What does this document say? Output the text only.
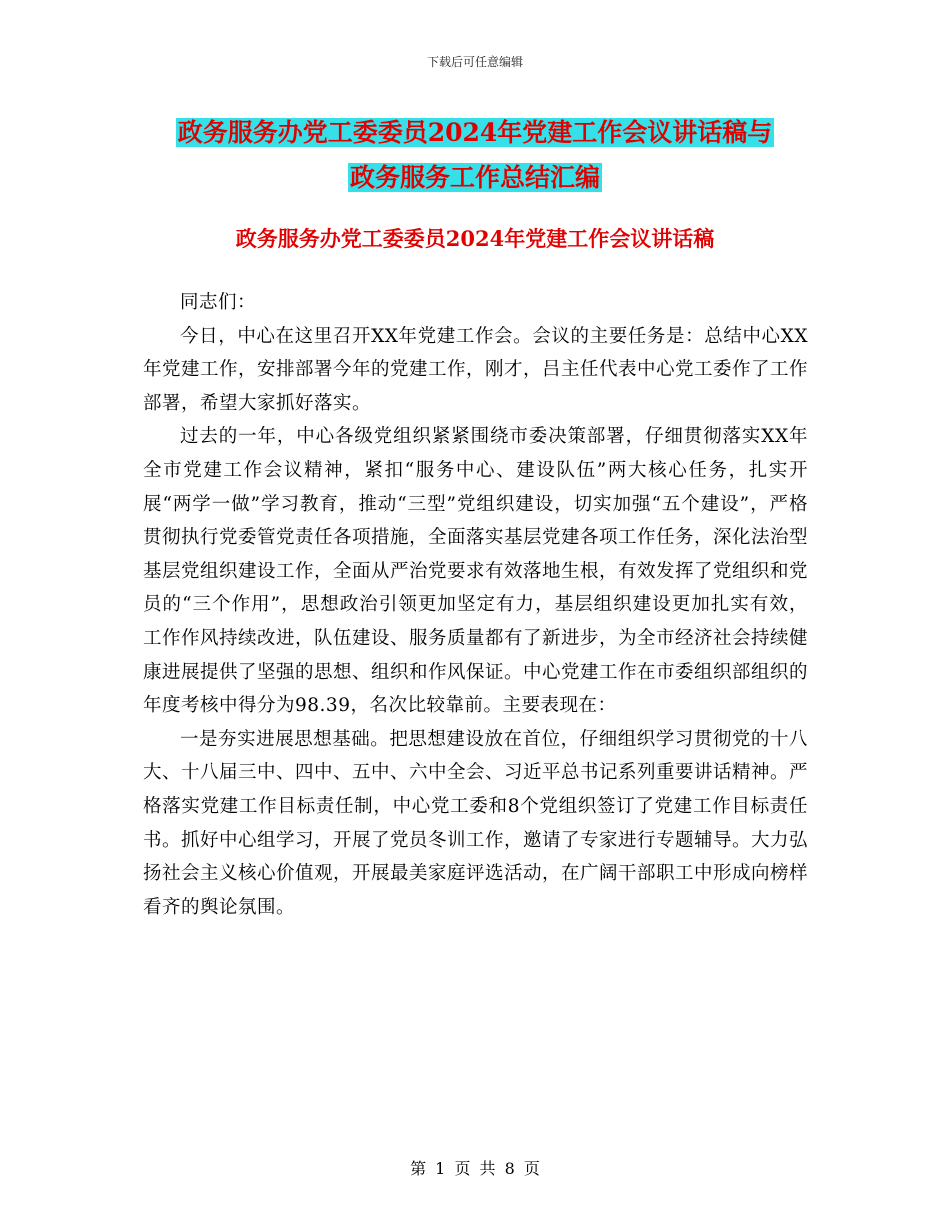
下载后可任意编辑
政务服务办党工委委员2024年党建工作会议讲话稿与
政务服务工作总结汇编
政务服务办党工委委员2024年党建工作会议讲话稿

同志们：

今日，中心在这里召开XX年党建工作会。会议的主要任务是：总结中心XX年党建工作，安排部署今年的党建工作，刚才，吕主任代表中心党工委作了工作部署，希望大家抓好落实。

过去的一年，中心各级党组织紧紧围绕市委决策部署，仔细贯彻落实XX年全市党建工作会议精神，紧扣“服务中心、建设队伍”两大核心任务，扎实开展“两学一做”学习教育，推动“三型”党组织建设，切实加强“五个建设”，严格贯彻执行党委管党责任各项措施，全面落实基层党建各项工作任务，深化法治型基层党组织建设工作，全面从严治党要求有效落地生根，有效发挥了党组织和党员的“三个作用”，思想政治引领更加坚定有力，基层组织建设更加扎实有效，工作作风持续改进，队伍建设、服务质量都有了新进步，为全市经济社会持续健康进展提供了坚强的思想、组织和作风保证。中心党建工作在市委组织部组织的年度考核中得分为98.39，名次比较靠前。主要表现在：

一是夯实进展思想基础。把思想建设放在首位，仔细组织学习贯彻党的十八大、十八届三中、四中、五中、六中全会、习近平总书记系列重要讲话精神。严格落实党建工作目标责任制，中心党工委和8个党组织签订了党建工作目标责任书。抓好中心组学习，开展了党员冬训工作，邀请了专家进行专题辅导。大力弘扬社会主义核心价值观，开展最美家庭评选活动，在广阔干部职工中形成向榜样看齐的舆论氛围。

第 1 页 共 8 页
